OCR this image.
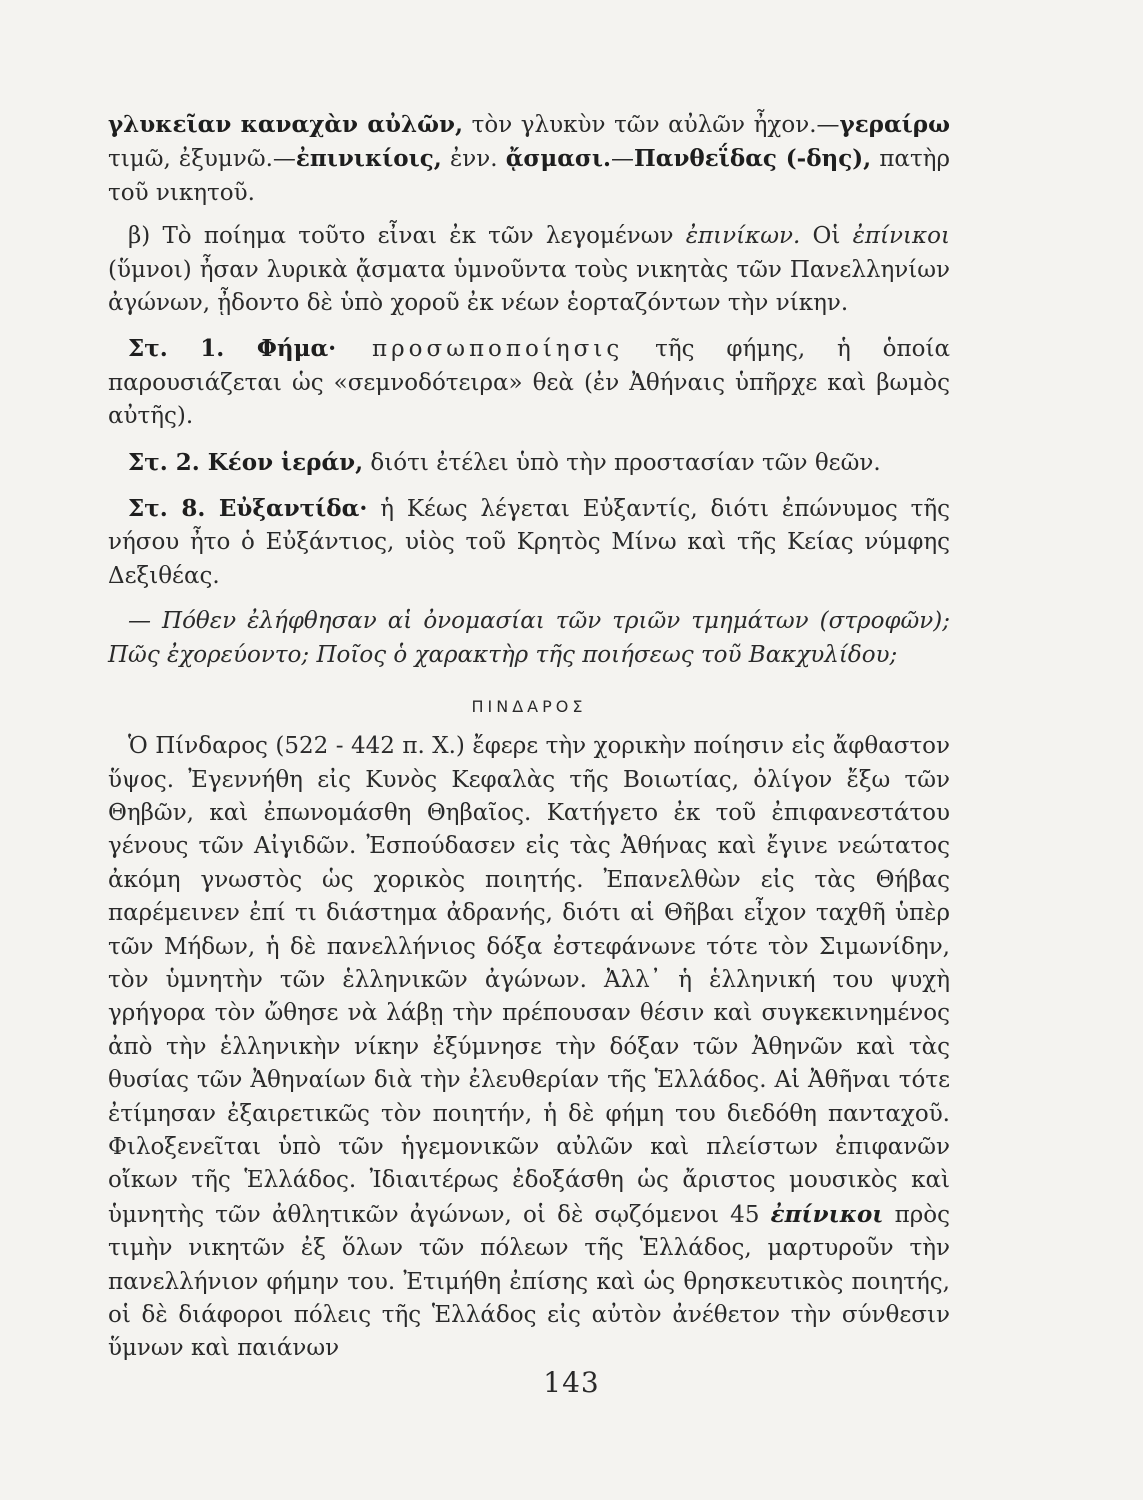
γλυκεῖαν καναχὰν αὐλῶν, τὸν γλυκὺν τῶν αὐλῶν ἦχον.—γεραίρω τιμῶ, ἐξυμνῶ.—ἐπινικίοις, ἐνν. ᾄσμασι.—Πανθεΐδας (-δης), πατὴρ τοῦ νικητοῦ.

β) Τὸ ποίημα τοῦτο εἶναι ἐκ τῶν λεγομένων ἐπινίκων. Οἱ ἐπίνικοι (ὕμνοι) ἦσαν λυρικὰ ᾄσματα ὑμνοῦντα τοὺς νικητὰς τῶν Πανελληνίων ἀγώνων, ᾖδοντο δὲ ὑπὸ χοροῦ ἐκ νέων ἑορταζόντων τὴν νίκην.

Στ. 1. Φήμα· προσωποποίησις τῆς φήμης, ἡ ὁποία παρουσιάζεται ὡς «σεμνοδότειρα» θεὰ (ἐν Ἀθήναις ὑπῆρχε καὶ βωμὸς αὐτῆς).

Στ. 2. Κέον ἱεράν, διότι ἐτέλει ὑπὸ τὴν προστασίαν τῶν θεῶν.

Στ. 8. Εὐξαντίδα· ἡ Κέως λέγεται Εὐξαντίς, διότι ἐπώνυμος τῆς νήσου ἦτο ὁ Εὐξάντιος, υἱὸς τοῦ Κρητὸς Μίνω καὶ τῆς Κείας νύμφης Δεξιθέας.

— Πόθεν ἐλήφθησαν αἱ ὀνομασίαι τῶν τριῶν τμημάτων (στροφῶν); Πῶς ἐχορεύοντο; Ποῖος ὁ χαρακτὴρ τῆς ποιήσεως τοῦ Βακχυλίδου;

ΠΙΝΔΑΡΟΣ

Ὁ Πίνδαρος (522 - 442 π. Χ.) ἔφερε τὴν χορικὴν ποίησιν εἰς ἄφθαστον ὕψος. Ἐγεννήθη εἰς Κυνὸς Κεφαλὰς τῆς Βοιωτίας, ὀλίγον ἔξω τῶν Θηβῶν, καὶ ἐπωνομάσθη Θηβαῖος. Κατήγετο ἐκ τοῦ ἐπιφανεστάτου γένους τῶν Αἰγιδῶν. Ἐσπούδασεν εἰς τὰς Ἀθήνας καὶ ἔγινε νεώτατος ἀκόμη γνωστὸς ὡς χορικὸς ποιητής. Ἐπανελθὼν εἰς τὰς Θήβας παρέμεινεν ἐπί τι διάστημα ἀδρανής, διότι αἱ Θῆβαι εἶχον ταχθῆ ὑπὲρ τῶν Μήδων, ἡ δὲ πανελλήνιος δόξα ἐστεφάνωνε τότε τὸν Σιμωνίδην, τὸν ὑμνητὴν τῶν ἑλληνικῶν ἀγώνων. Ἀλλ᾽ ἡ ἑλληνική του ψυχὴ γρήγορα τὸν ὤθησε νὰ λάβῃ τὴν πρέπουσαν θέσιν καὶ συγκεκινημένος ἀπὸ τὴν ἑλληνικὴν νίκην ἐξύμνησε τὴν δόξαν τῶν Ἀθηνῶν καὶ τὰς θυσίας τῶν Ἀθηναίων διὰ τὴν ἐλευθερίαν τῆς Ἑλλάδος. Αἱ Ἀθῆναι τότε ἐτίμησαν ἐξαιρετικῶς τὸν ποιητήν, ἡ δὲ φήμη του διεδόθη πανταχοῦ. Φιλοξενεῖται ὑπὸ τῶν ἡγεμονικῶν αὐλῶν καὶ πλείστων ἐπιφανῶν οἴκων τῆς Ἑλλάδος. Ἰδιαιτέρως ἐδοξάσθη ὡς ἄριστος μουσικὸς καὶ ὑμνητὴς τῶν ἀθλητικῶν ἀγώνων, οἱ δὲ σῳζόμενοι 45 ἐπίνικοι πρὸς τιμὴν νικητῶν ἐξ ὅλων τῶν πόλεων τῆς Ἑλλάδος, μαρτυροῦν τὴν πανελλήνιον φήμην του. Ἐτιμήθη ἐπίσης καὶ ὡς θρησκευτικὸς ποιητής, οἱ δὲ διάφοροι πόλεις τῆς Ἑλλάδος εἰς αὐτὸν ἀνέθετον τὴν σύνθεσιν ὕμνων καὶ παιάνων

143
